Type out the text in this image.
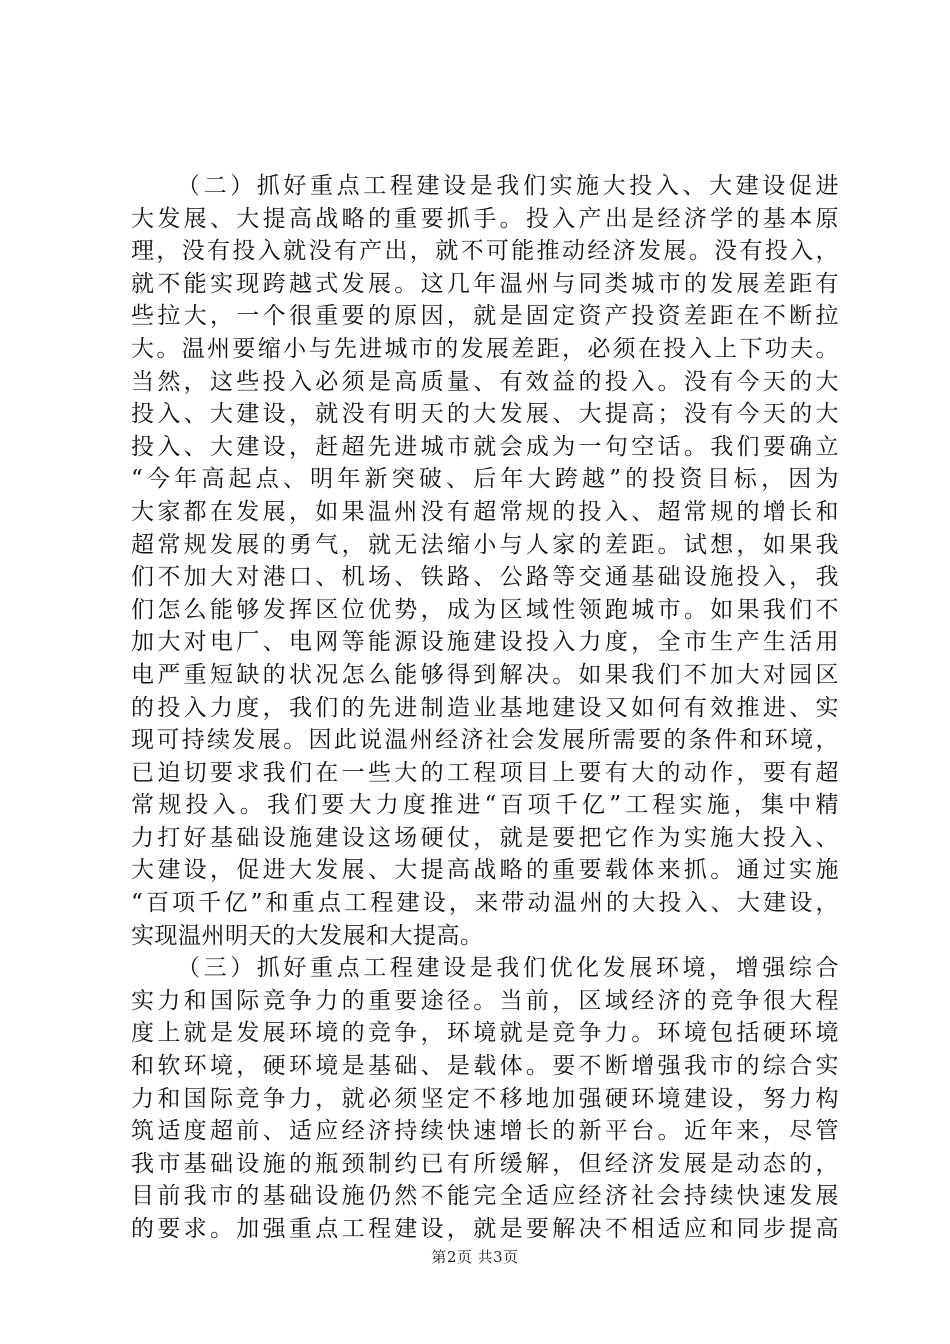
（二）抓好重点工程建设是我们实施大投入、大建设促进
大发展、大提高战略的重要抓手。投入产出是经济学的基本原
理，没有投入就没有产出，就不可能推动经济发展。没有投入，
就不能实现跨越式发展。这几年温州与同类城市的发展差距有
些拉大，一个很重要的原因，就是固定资产投资差距在不断拉
大。温州要缩小与先进城市的发展差距，必须在投入上下功夫。
当然，这些投入必须是高质量、有效益的投入。没有今天的大
投入、大建设，就没有明天的大发展、大提高；没有今天的大
投入、大建设，赶超先进城市就会成为一句空话。我们要确立
“今年高起点、明年新突破、后年大跨越”的投资目标，因为
大家都在发展，如果温州没有超常规的投入、超常规的增长和
超常规发展的勇气，就无法缩小与人家的差距。试想，如果我
们不加大对港口、机场、铁路、公路等交通基础设施投入，我
们怎么能够发挥区位优势，成为区域性领跑城市。如果我们不
加大对电厂、电网等能源设施建设投入力度，全市生产生活用
电严重短缺的状况怎么能够得到解决。如果我们不加大对园区
的投入力度，我们的先进制造业基地建设又如何有效推进、实
现可持续发展。因此说温州经济社会发展所需要的条件和环境，
已迫切要求我们在一些大的工程项目上要有大的动作，要有超
常规投入。我们要大力度推进“百项千亿”工程实施，集中精
力打好基础设施建设这场硬仗，就是要把它作为实施大投入、
大建设，促进大发展、大提高战略的重要载体来抓。通过实施
“百项千亿”和重点工程建设，来带动温州的大投入、大建设，
实现温州明天的大发展和大提高。
（三）抓好重点工程建设是我们优化发展环境，增强综合
实力和国际竞争力的重要途径。当前，区域经济的竞争很大程
度上就是发展环境的竞争，环境就是竞争力。环境包括硬环境
和软环境，硬环境是基础、是载体。要不断增强我市的综合实
力和国际竞争力，就必须坚定不移地加强硬环境建设，努力构
筑适度超前、适应经济持续快速增长的新平台。近年来，尽管
我市基础设施的瓶颈制约已有所缓解，但经济发展是动态的，
目前我市的基础设施仍然不能完全适应经济社会持续快速发展
的要求。加强重点工程建设，就是要解决不相适应和同步提高
第2页 共3页
